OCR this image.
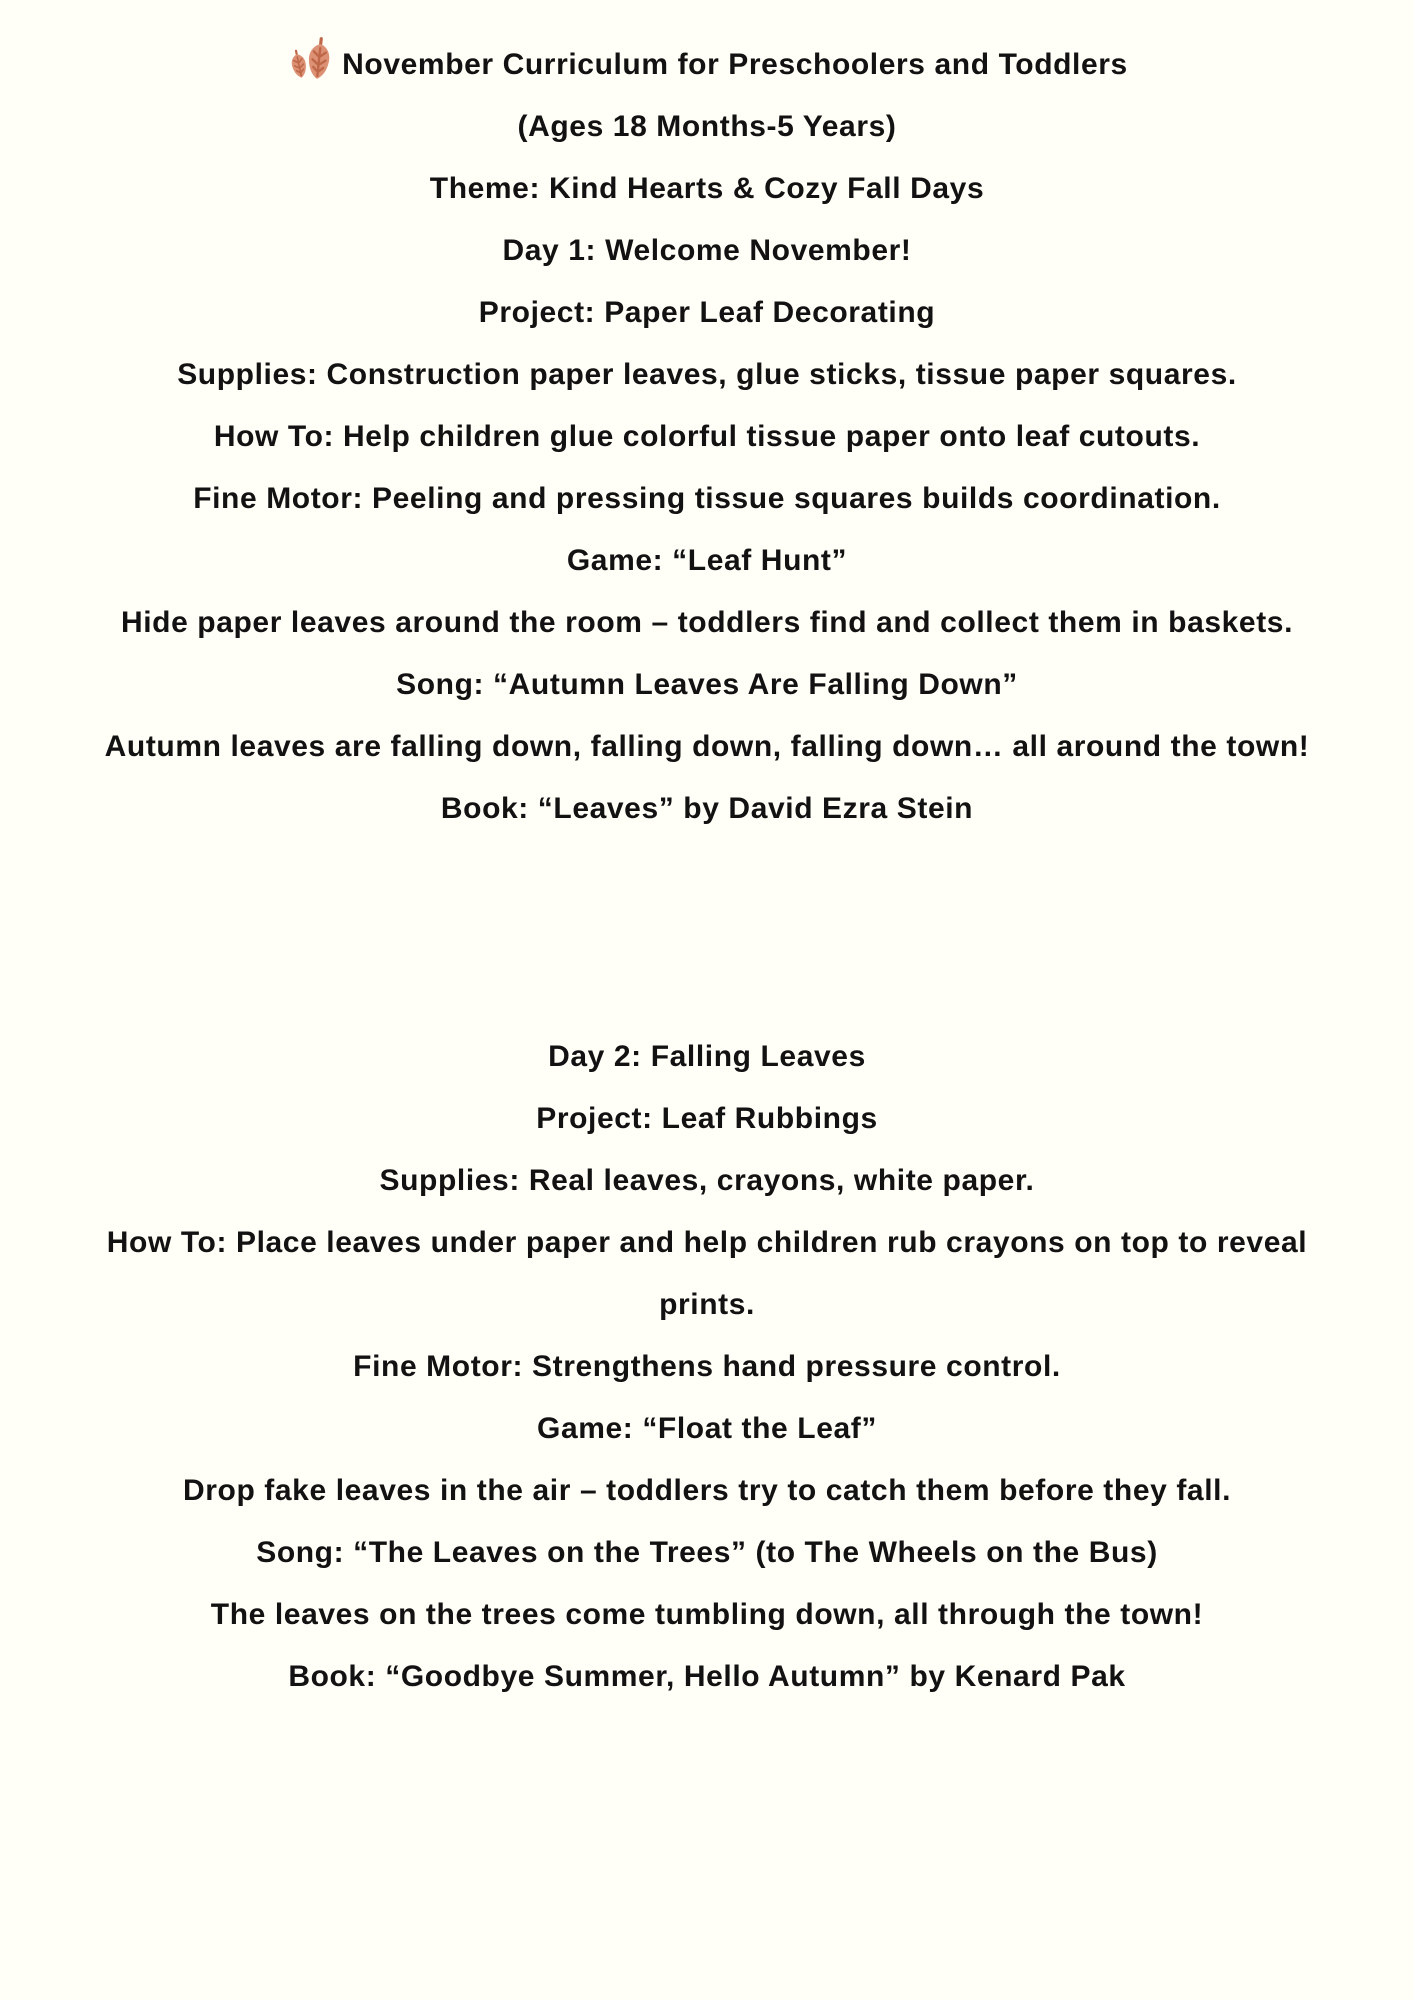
November Curriculum for Preschoolers and Toddlers

(Ages 18 Months-5 Years)

Theme: Kind Hearts & Cozy Fall Days

Day 1: Welcome November!

Project: Paper Leaf Decorating

Supplies: Construction paper leaves, glue sticks, tissue paper squares.

How To: Help children glue colorful tissue paper onto leaf cutouts.

Fine Motor: Peeling and pressing tissue squares builds coordination.

Game: “Leaf Hunt”

Hide paper leaves around the room – toddlers find and collect them in baskets.

Song: “Autumn Leaves Are Falling Down”

Autumn leaves are falling down, falling down, falling down… all around the town!

Book: “Leaves” by David Ezra Stein

Day 2: Falling Leaves

Project: Leaf Rubbings

Supplies: Real leaves, crayons, white paper.

How To: Place leaves under paper and help children rub crayons on top to reveal

prints.

Fine Motor: Strengthens hand pressure control.

Game: “Float the Leaf”

Drop fake leaves in the air – toddlers try to catch them before they fall.

Song: “The Leaves on the Trees” (to The Wheels on the Bus)

The leaves on the trees come tumbling down, all through the town!

Book: “Goodbye Summer, Hello Autumn” by Kenard Pak
